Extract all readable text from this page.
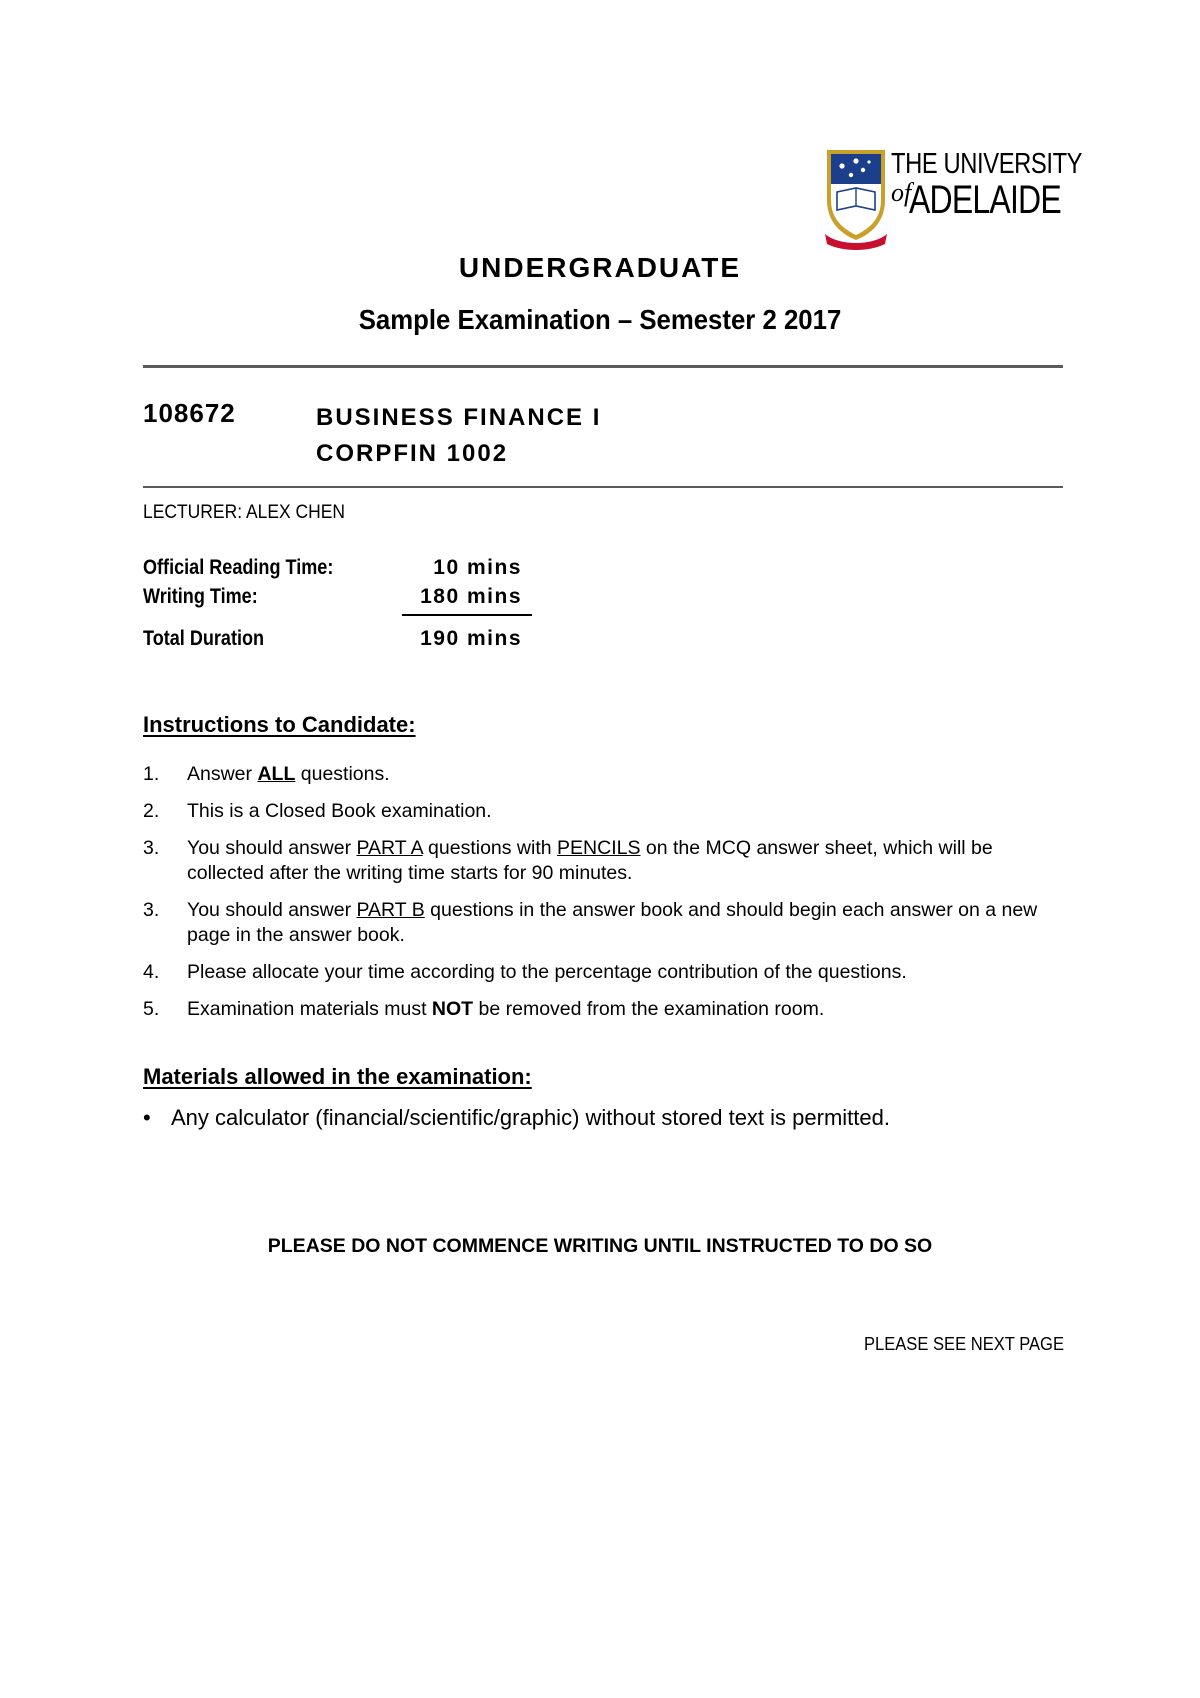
THE UNIVERSITY
ofADELAIDE
UNDERGRADUATE
Sample Examination – Semester 2 2017
108672	BUSINESS FINANCE I
CORPFIN 1002
LECTURER: ALEX CHEN
Official Reading Time:	10 mins
Writing Time:	180 mins
Total Duration	190 mins
Instructions to Candidate:
1. Answer ALL questions.
2. This is a Closed Book examination.
3. You should answer PART A questions with PENCILS on the MCQ answer sheet, which will be collected after the writing time starts for 90 minutes.
3. You should answer PART B questions in the answer book and should begin each answer on a new page in the answer book.
4. Please allocate your time according to the percentage contribution of the questions.
5. Examination materials must NOT be removed from the examination room.
Materials allowed in the examination:
• Any calculator (financial/scientific/graphic) without stored text is permitted.
PLEASE DO NOT COMMENCE WRITING UNTIL INSTRUCTED TO DO SO
PLEASE SEE NEXT PAGE
